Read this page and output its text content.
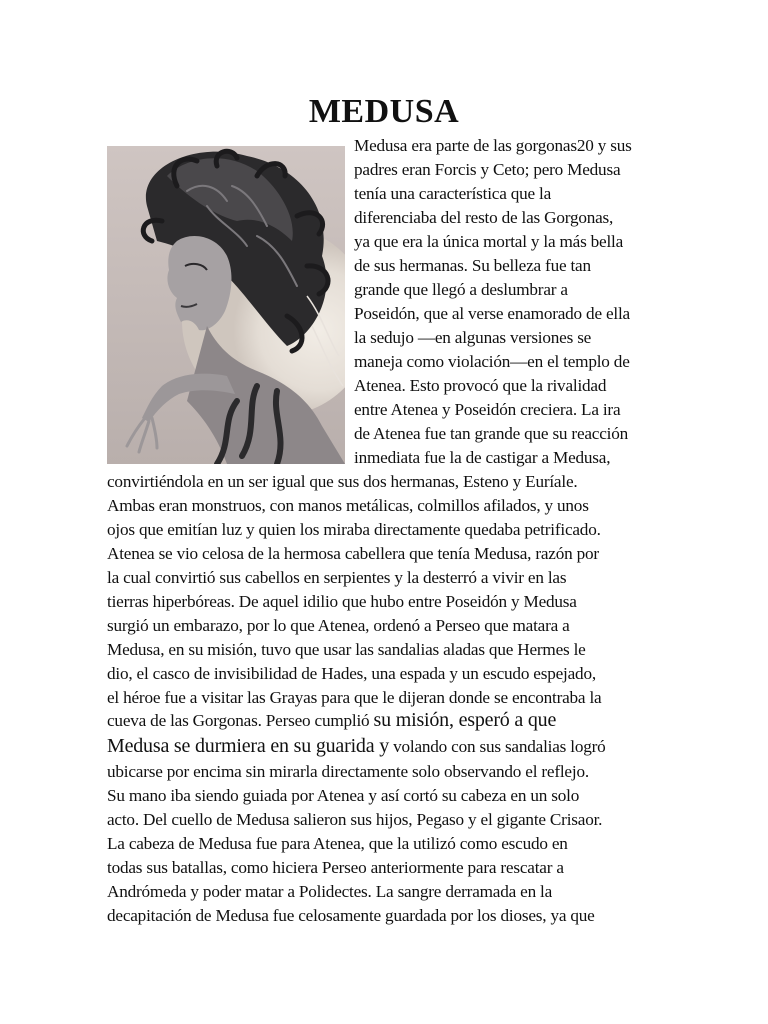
MEDUSA
Medusa era parte de las gorgonas20 y sus
padres eran Forcis y Ceto; pero Medusa
tenía una característica que la
diferenciaba del resto de las Gorgonas,
ya que era la única mortal y la más bella
de sus hermanas. Su belleza fue tan
grande que llegó a deslumbrar a
Poseidón, que al verse enamorado de ella
la sedujo —en algunas versiones se
maneja como violación—en el templo de
Atenea. Esto provocó que la rivalidad
entre Atenea y Poseidón creciera. La ira
de Atenea fue tan grande que su reacción
inmediata fue la de castigar a Medusa,
convirtiéndola en un ser igual que sus dos hermanas, Esteno y Euríale.
Ambas eran monstruos, con manos metálicas, colmillos afilados, y unos
ojos que emitían luz y quien los miraba directamente quedaba petrificado.
Atenea se vio celosa de la hermosa cabellera que tenía Medusa, razón por
la cual convirtió sus cabellos en serpientes y la desterró a vivir en las
tierras hiperbóreas. De aquel idilio que hubo entre Poseidón y Medusa
surgió un embarazo, por lo que Atenea, ordenó a Perseo que matara a
Medusa, en su misión, tuvo que usar las sandalias aladas que Hermes le
dio, el casco de invisibilidad de Hades, una espada y un escudo espejado,
el héroe fue a visitar las Grayas para que le dijeran donde se encontraba la
cueva de las Gorgonas. Perseo cumplió su misión, esperó a que
Medusa se durmiera en su guarida y volando con sus sandalias logró
ubicarse por encima sin mirarla directamente solo observando el reflejo.
Su mano iba siendo guiada por Atenea y así cortó su cabeza en un solo
acto. Del cuello de Medusa salieron sus hijos, Pegaso y el gigante Crisaor.
La cabeza de Medusa fue para Atenea, que la utilizó como escudo en
todas sus batallas, como hiciera Perseo anteriormente para rescatar a
Andrómeda y poder matar a Polidectes. La sangre derramada en la
decapitación de Medusa fue celosamente guardada por los dioses, ya que
